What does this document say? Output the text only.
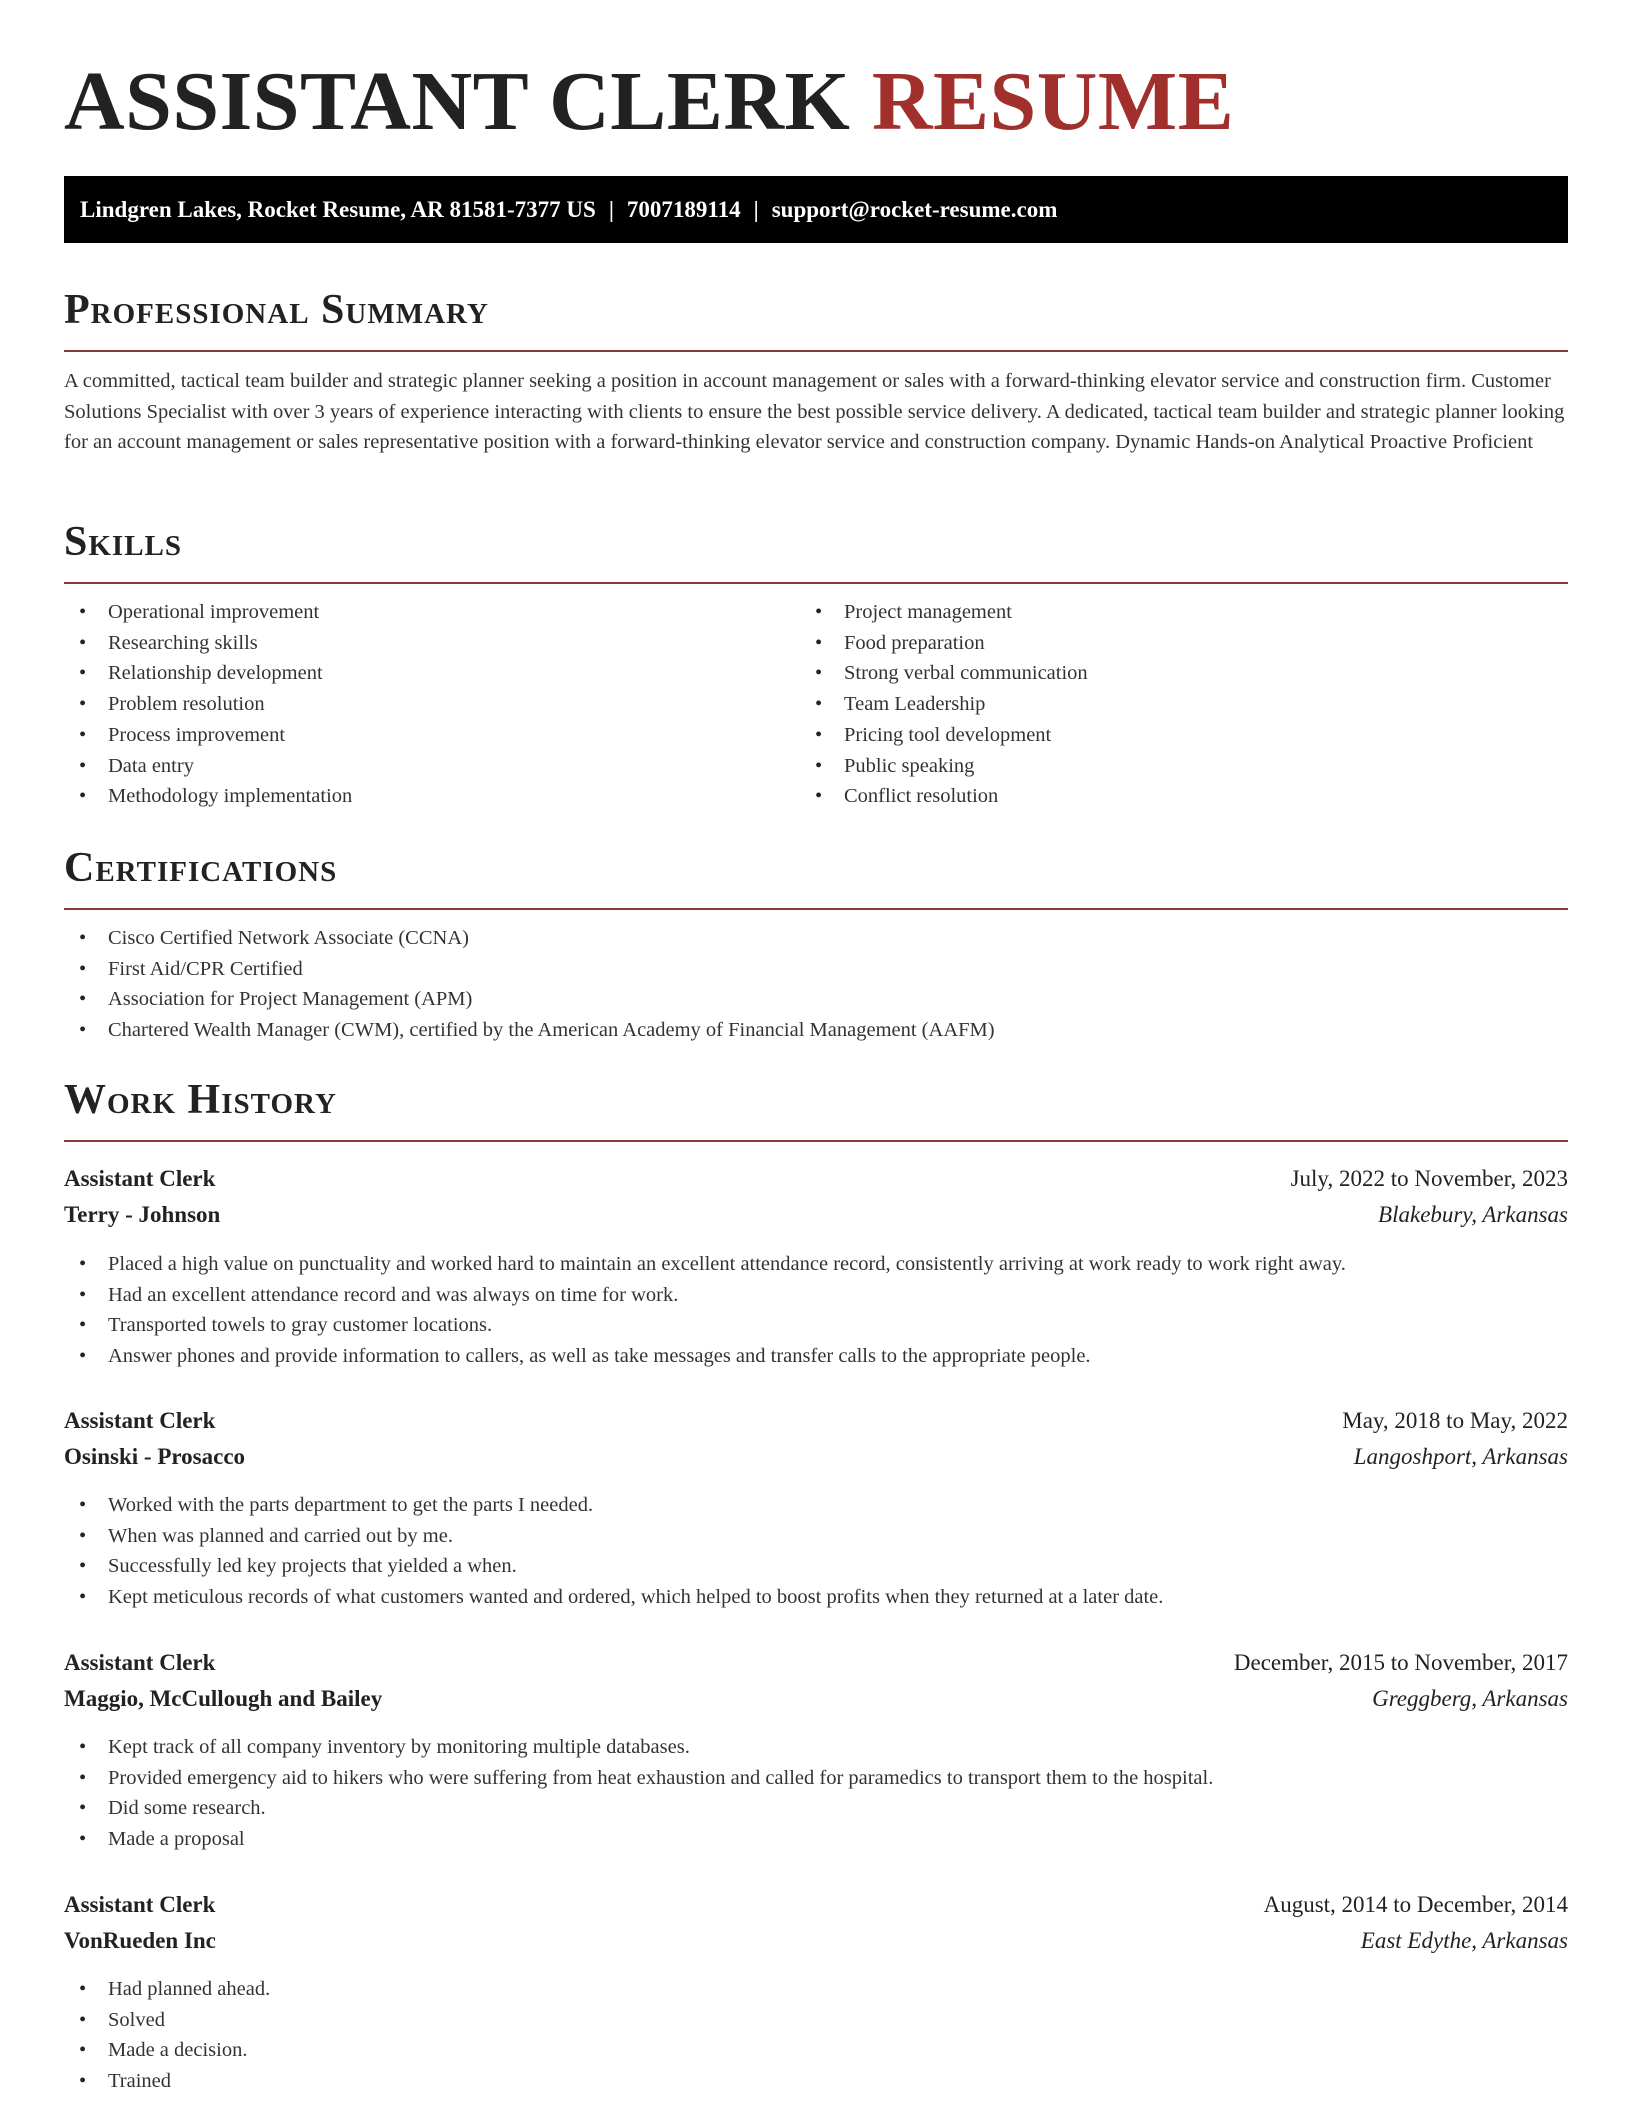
ASSISTANT CLERK RESUME
Lindgren Lakes, Rocket Resume, AR 81581-7377 US | 7007189114 | support@rocket-resume.com
Professional Summary

A committed, tactical team builder and strategic planner seeking a position in account management or sales with a forward-thinking elevator service and construction firm. Customer Solutions Specialist with over 3 years of experience interacting with clients to ensure the best possible service delivery. A dedicated, tactical team builder and strategic planner looking for an account management or sales representative position with a forward-thinking elevator service and construction company. Dynamic Hands-on Analytical Proactive Proficient

Skills
• Operational improvement
• Researching skills
• Relationship development
• Problem resolution
• Process improvement
• Data entry
• Methodology implementation
• Project management
• Food preparation
• Strong verbal communication
• Team Leadership
• Pricing tool development
• Public speaking
• Conflict resolution
Certifications
• Cisco Certified Network Associate (CCNA)
• First Aid/CPR Certified
• Association for Project Management (APM)
• Chartered Wealth Manager (CWM), certified by the American Academy of Financial Management (AAFM)
Work History
Assistant Clerk	July, 2022 to November, 2023
Terry - Johnson	Blakebury, Arkansas
• Placed a high value on punctuality and worked hard to maintain an excellent attendance record, consistently arriving at work ready to work right away.
• Had an excellent attendance record and was always on time for work.
• Transported towels to gray customer locations.
• Answer phones and provide information to callers, as well as take messages and transfer calls to the appropriate people.
Assistant Clerk	May, 2018 to May, 2022
Osinski - Prosacco	Langoshport, Arkansas
• Worked with the parts department to get the parts I needed.
• When was planned and carried out by me.
• Successfully led key projects that yielded a when.
• Kept meticulous records of what customers wanted and ordered, which helped to boost profits when they returned at a later date.
Assistant Clerk	December, 2015 to November, 2017
Maggio, McCullough and Bailey	Greggberg, Arkansas
• Kept track of all company inventory by monitoring multiple databases.
• Provided emergency aid to hikers who were suffering from heat exhaustion and called for paramedics to transport them to the hospital.
• Did some research.
• Made a proposal
Assistant Clerk	August, 2014 to December, 2014
VonRueden Inc	East Edythe, Arkansas
• Had planned ahead.
• Solved
• Made a decision.
• Trained
